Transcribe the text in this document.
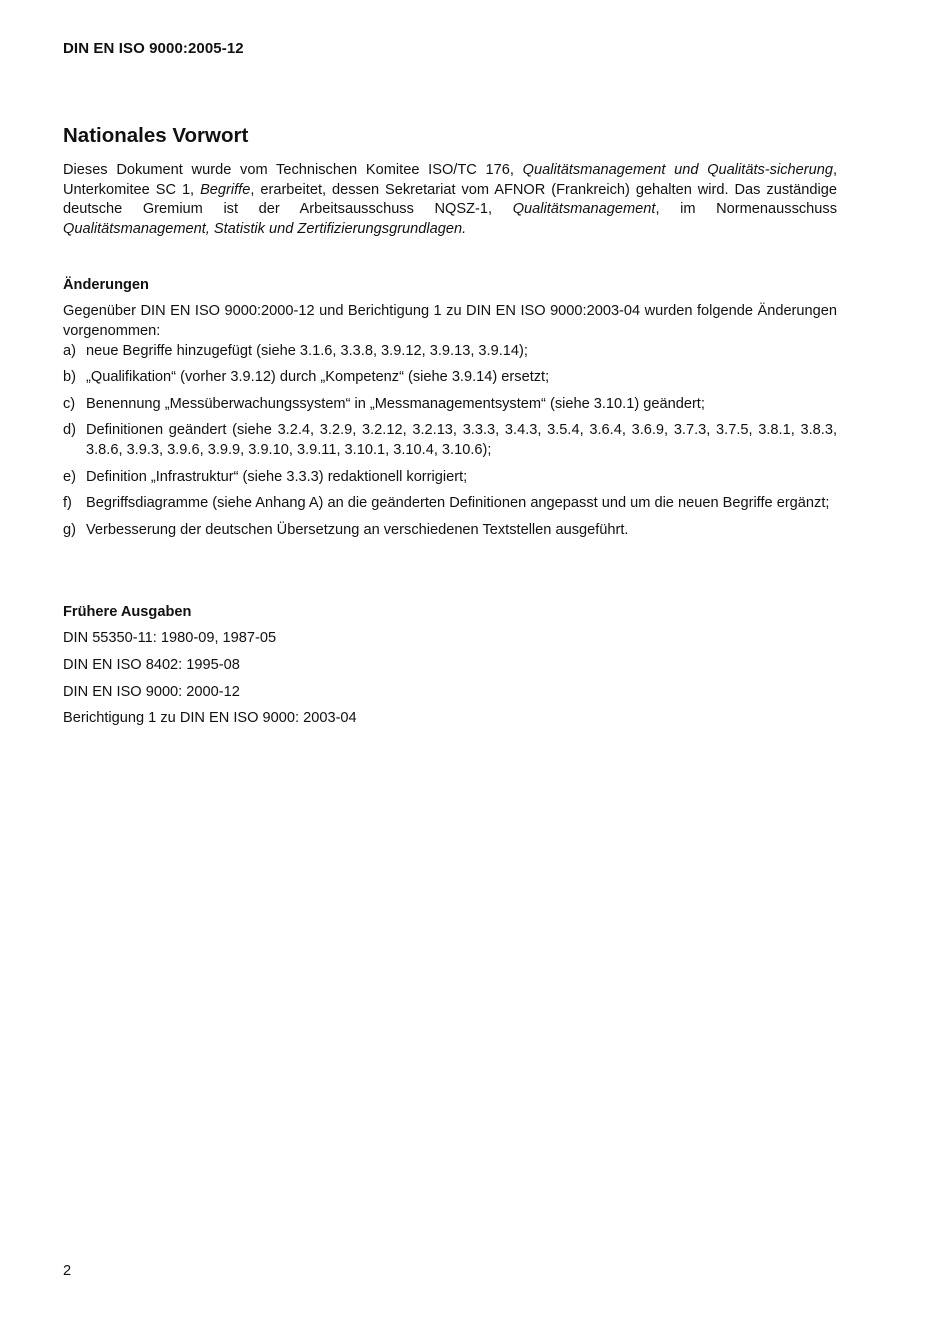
DIN EN ISO 9000:2005-12
Nationales Vorwort

Dieses Dokument wurde vom Technischen Komitee ISO/TC 176, Qualitätsmanagement und Qualitäts-sicherung, Unterkomitee SC 1, Begriffe, erarbeitet, dessen Sekretariat vom AFNOR (Frankreich) gehalten wird. Das zuständige deutsche Gremium ist der Arbeitsausschuss NQSZ-1, Qualitätsmanagement, im Normenausschuss Qualitätsmanagement, Statistik und Zertifizierungsgrundlagen.

Änderungen

Gegenüber DIN EN ISO 9000:2000-12 und Berichtigung 1 zu DIN EN ISO 9000:2003-04 wurden folgende Änderungen vorgenommen:

a) neue Begriffe hinzugefügt (siehe 3.1.6, 3.3.8, 3.9.12, 3.9.13, 3.9.14);
b) „Qualifikation“ (vorher 3.9.12) durch „Kompetenz“ (siehe 3.9.14) ersetzt;
c) Benennung „Messüberwachungssystem“ in „Messmanagementsystem“ (siehe 3.10.1) geändert;
d) Definitionen geändert (siehe 3.2.4, 3.2.9, 3.2.12, 3.2.13, 3.3.3, 3.4.3, 3.5.4, 3.6.4, 3.6.9, 3.7.3, 3.7.5, 3.8.1, 3.8.3, 3.8.6, 3.9.3, 3.9.6, 3.9.9, 3.9.10, 3.9.11, 3.10.1, 3.10.4, 3.10.6);
e) Definition „Infrastruktur“ (siehe 3.3.3) redaktionell korrigiert;
f) Begriffsdiagramme (siehe Anhang A) an die geänderten Definitionen angepasst und um die neuen Begriffe ergänzt;
g) Verbesserung der deutschen Übersetzung an verschiedenen Textstellen ausgeführt.
Frühere Ausgaben
DIN 55350-11: 1980-09, 1987-05
DIN EN ISO 8402: 1995-08
DIN EN ISO 9000: 2000-12
Berichtigung 1 zu DIN EN ISO 9000: 2003-04
2
